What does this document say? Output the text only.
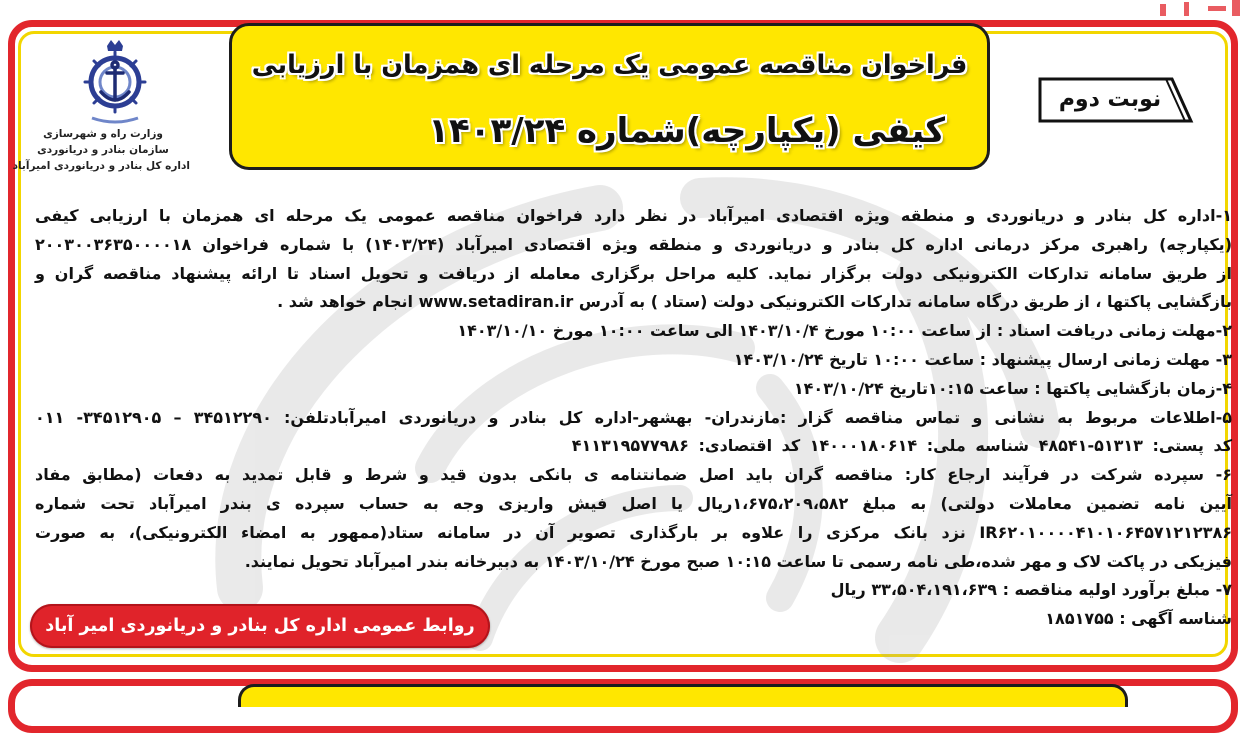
فراخوان مناقصه عمومی یک مرحله ای همزمان با ارزیابی
کیفی (یکپارچه)شماره ۱۴۰۳/۲۴
نوبت دوم
وزارت راه و شهرسازی
سازمان بنادر و دریانوردی
اداره کل بنادر و دریانوردی امیرآباد
۱-اداره کل بنادر و دریانوردی و منطقه ویژه اقتصادی امیرآباد در نظر دارد فراخوان مناقصه عمومی یک مرحله ای همزمان با ارزیابی کیفی
(یکپارچه) راهبری مرکز درمانی اداره کل بنادر و دریانوردی و منطقه ویژه اقتصادی امیرآباد (۱۴۰۳/۲۴) با شماره فراخوان ۲۰۰۳۰۰۳۶۳۵۰۰۰۰۱۸
از طریق سامانه تدارکات الکترونیکی دولت برگزار نماید. کلیه مراحل برگزاری معامله از دریافت و تحویل اسناد تا ارائه پیشنهاد مناقصه گران و
بازگشایی پاکتها ، از طریق درگاه سامانه تدارکات الکترونیکی دولت (ستاد ) به آدرس www.setadiran.ir انجام خواهد شد .
۲-مهلت زمانی دریافت اسناد : از ساعت ۱۰:۰۰ مورخ ۱۴۰۳/۱۰/۴ الی ساعت ۱۰:۰۰ مورخ ۱۴۰۳/۱۰/۱۰
۳- مهلت زمانی ارسال پیشنهاد : ساعت ۱۰:۰۰ تاریخ ۱۴۰۳/۱۰/۲۴
۴-زمان بازگشایی پاکتها : ساعت ۱۰:۱۵تاریخ ۱۴۰۳/۱۰/۲۴
۵-اطلاعات مربوط به نشانی و تماس مناقصه گزار :مازندران- بهشهر-اداره کل بنادر و دریانوردی امیرآبادتلفن: ۳۴۵۱۲۲۹۰ – ۳۴۵۱۲۹۰۵- ۰۱۱
کد پستی: ۵۱۳۱۳-۴۸۵۴۱ شناسه ملی: ۱۴۰۰۰۱۸۰۶۱۴ کد اقتصادی: ۴۱۱۳۱۹۵۷۷۹۸۶
۶- سپرده شرکت در فرآیند ارجاع کار: مناقصه گران باید اصل ضمانتنامه ی بانکی بدون قید و شرط و قابل تمدید به دفعات (مطابق مفاد
آیین نامه تضمین معاملات دولتی) به مبلغ ۱،۶۷۵،۲۰۹،۵۸۲ریال یا اصل فیش واریزی وجه به حساب سپرده ی بندر امیرآباد تحت شماره
IR۶۲۰۱۰۰۰۰۴۱۰۱۰۶۴۵۷۱۲۱۲۳۸۶ نزد بانک مرکزی را علاوه بر بارگذاری تصویر آن در سامانه ستاد(ممهور به امضاء الکترونیکی)، به صورت
فیزیکی در پاکت لاک و مهر شده،طی نامه رسمی تا ساعت ۱۰:۱۵ صبح مورخ ۱۴۰۳/۱۰/۲۴ به دبیرخانه بندر امیرآباد تحویل نمایند.
۷- مبلغ برآورد اولیه مناقصه : ۳۳،۵۰۴،۱۹۱،۶۳۹ ریال
شناسه آگهی : ۱۸۵۱۷۵۵
روابط عمومی اداره کل بنادر و دریانوردی امیر آباد
